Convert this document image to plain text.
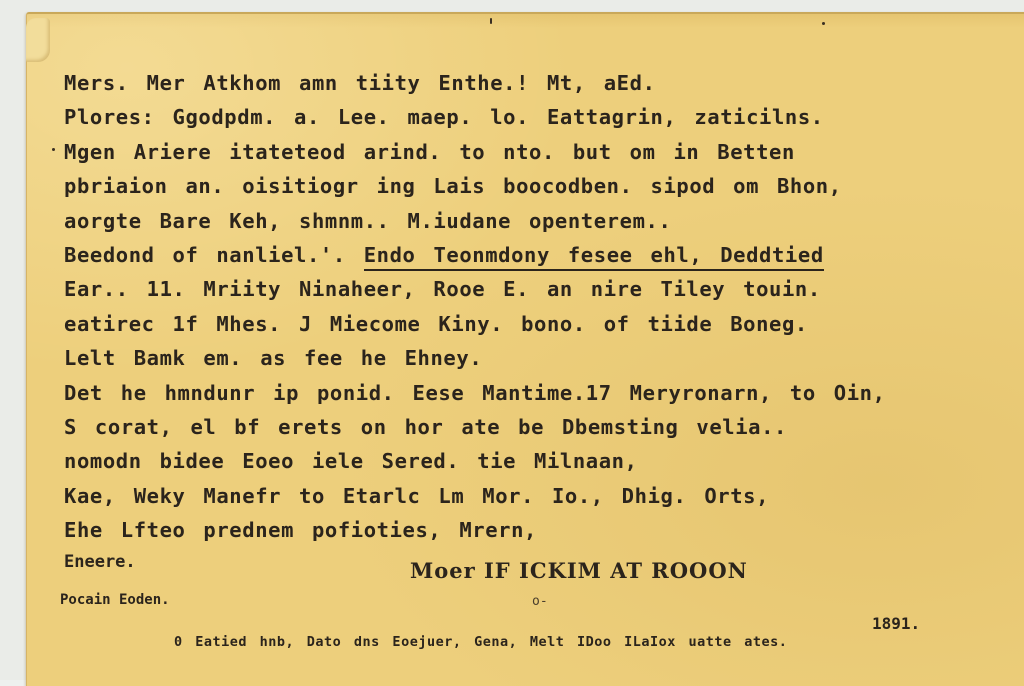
Mers. Mer Atkhom amn tiity Enthe.! Mt, aEd.
Plores: Ggodpdm. a. Lee. maep. lo. Eattagrin, zaticilns.
Mgen Ariere itateteod arind. to nto. but om in Betten
pbriaion an. oisitiogr ing Lais boocodben. sipod om Bhon,
aorgte Bare Keh, shmnm.. M.iudane openterem..
Beedond of nanliel.'. Endo Teonmdony fesee ehl, Deddtied
Ear.. 11. Mriity Ninaheer, Rooe E. an nire Tiley touin.
eatirec 1f Mhes. J Miecome Kiny. bono. of tiide Boneg.
Lelt Bamk em. as fee he Ehney.
Det he hmndunr ip ponid. Eese Mantime.17 Meryronarn, to Oin,
S corat, el bf erets on hor ate be Dbemsting velia..
nomodn bidee Eoeo iele Sered. tie Milnaan,
Kae, Weky Manefr to Etarlc Lm Mor. Io., Dhig. Orts,
Ehe Lfteo prednem pofioties, Mrern,
Eneere.	Moer IF ICKIM AT ROOON
Pocain Eoden.	o-
1891.
0 Eatied hnb, Dato dns Eoejuer, Gena, Melt IDoo ILaIox uatte ates.
